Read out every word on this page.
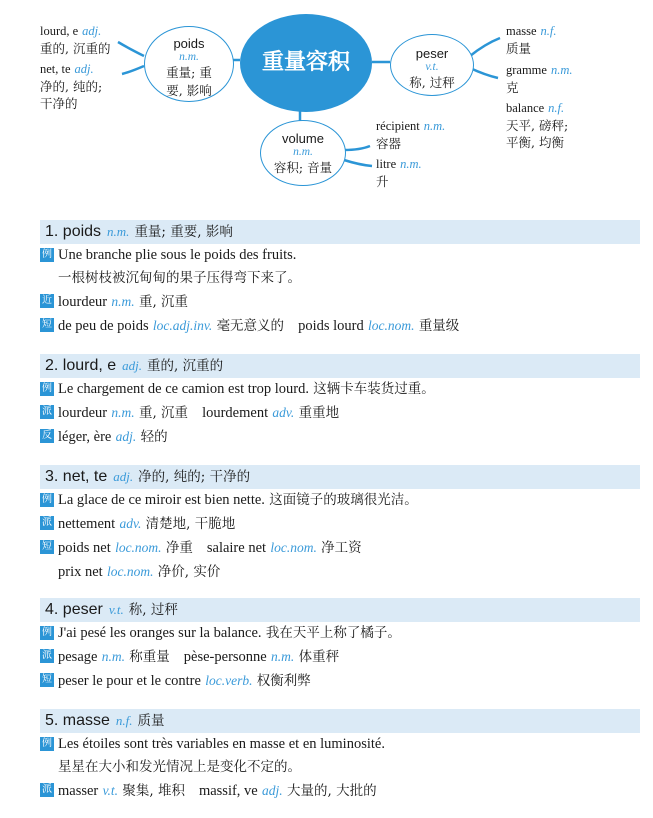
重量容积
poids
n.m.
重量; 重
要, 影响
peser
v.t.
称, 过秤
volume
n.m.
容积; 音量
lourd, e adj.
重的, 沉重的
net, te adj.
净的, 纯的;
干净的
masse n.f.
质量
gramme n.m.
克
balance n.f.
天平, 磅秤;
平衡, 均衡
récipient n.m.
容器
litre n.m.
升
1. poids n.m. 重量; 重要, 影响
例 Une branche plie sous le poids des fruits.
一根树枝被沉甸甸的果子压得弯下来了。
近 lourdeur n.m. 重, 沉重
短 de peu de poids loc.adj.inv. 毫无意义的 poids lourd loc.nom. 重量级
2. lourd, e adj. 重的, 沉重的
例 Le chargement de ce camion est trop lourd. 这辆卡车装货过重。
派 lourdeur n.m. 重, 沉重 lourdement adv. 重重地
反 léger, ère adj. 轻的
3. net, te adj. 净的, 纯的; 干净的
例 La glace de ce miroir est bien nette. 这面镜子的玻璃很光洁。
派 nettement adv. 清楚地, 干脆地
短 poids net loc.nom. 净重 salaire net loc.nom. 净工资
prix net loc.nom. 净价, 实价
4. peser v.t. 称, 过秤
例 J'ai pesé les oranges sur la balance. 我在天平上称了橘子。
派 pesage n.m. 称重量 pèse-personne n.m. 体重秤
短 peser le pour et le contre loc.verb. 权衡利弊
5. masse n.f. 质量
例 Les étoiles sont très variables en masse et en luminosité.
星星在大小和发光情况上是变化不定的。
派 masser v.t. 聚集, 堆积 massif, ve adj. 大量的, 大批的
